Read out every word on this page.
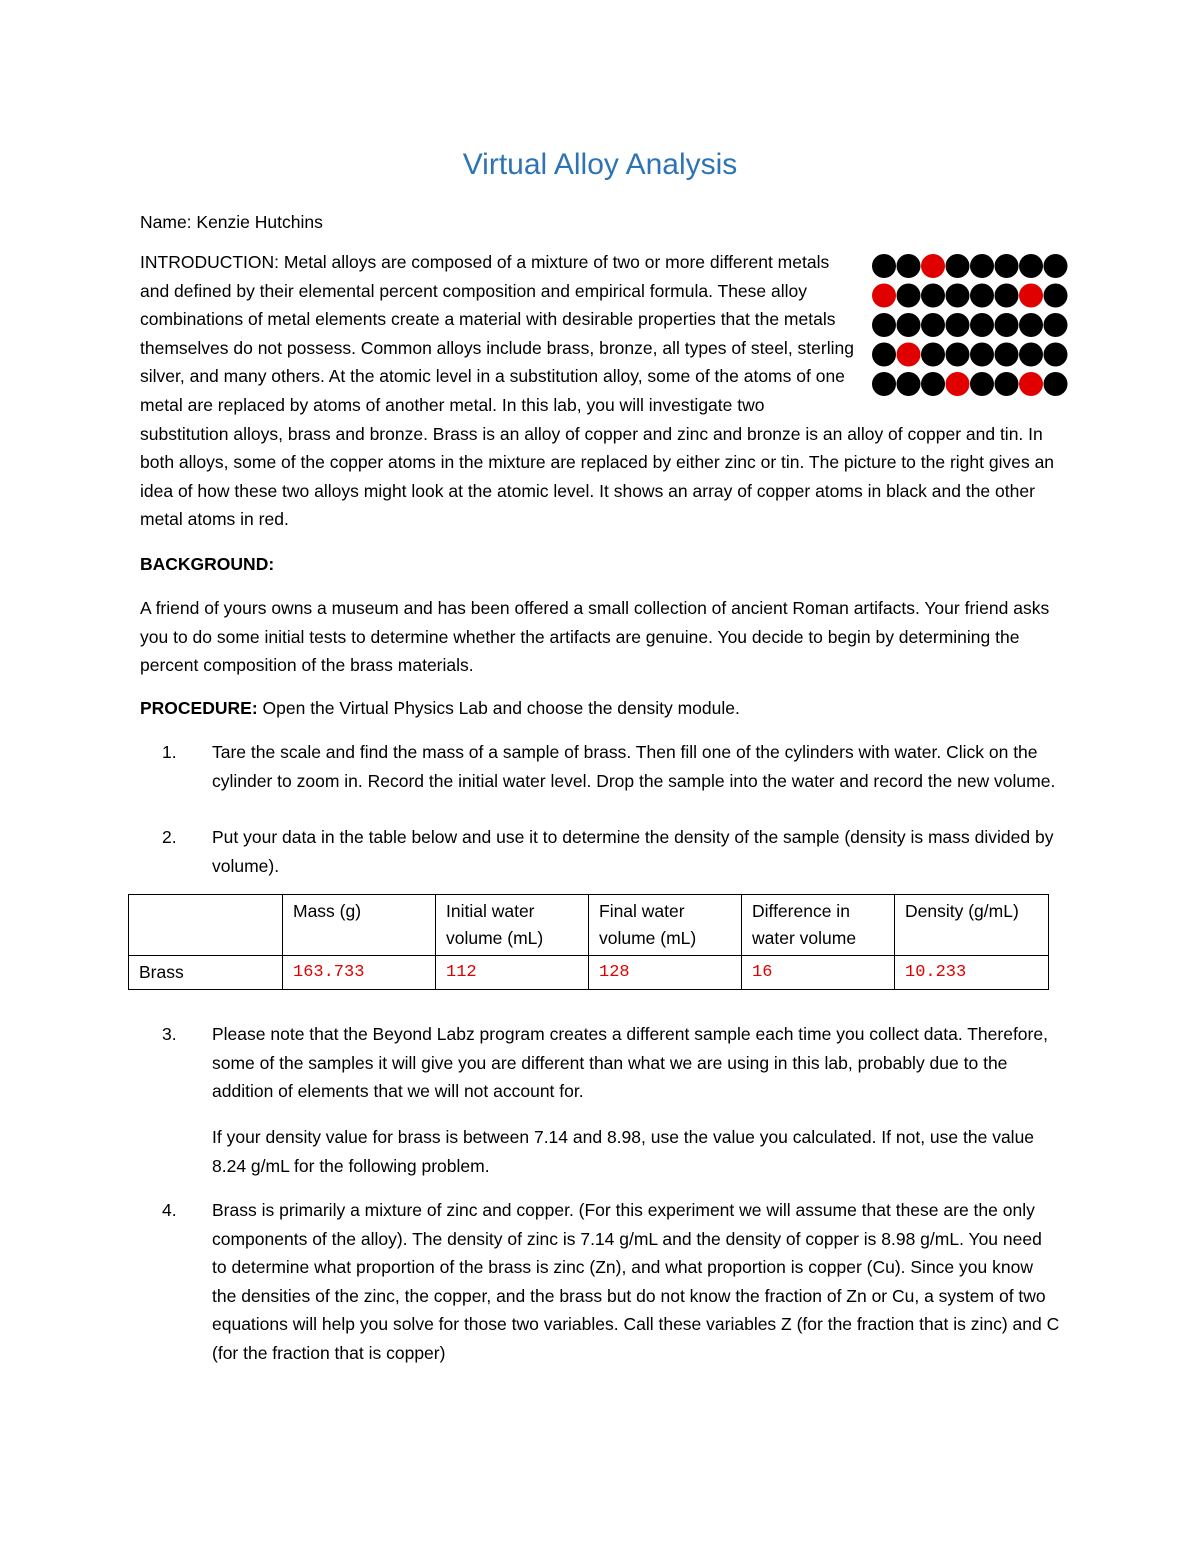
Virtual Alloy Analysis
Name: Kenzie Hutchins
INTRODUCTION: Metal alloys are composed of a mixture of two or more different metals and defined by their elemental percent composition and empirical formula. These alloy combinations of metal elements create a material with desirable properties that the metals themselves do not possess. Common alloys include brass, bronze, all types of steel, sterling silver, and many others. At the atomic level in a substitution alloy, some of the atoms of one metal are replaced by atoms of another metal. In this lab, you will investigate two substitution alloys, brass and bronze. Brass is an alloy of copper and zinc and bronze is an alloy of copper and tin. In both alloys, some of the copper atoms in the mixture are replaced by either zinc or tin. The picture to the right gives an idea of how these two alloys might look at the atomic level. It shows an array of copper atoms in black and the other metal atoms in red.
BACKGROUND:
A friend of yours owns a museum and has been offered a small collection of ancient Roman artifacts. Your friend asks you to do some initial tests to determine whether the artifacts are genuine. You decide to begin by determining the percent composition of the brass materials.
PROCEDURE: Open the Virtual Physics Lab and choose the density module.
1. Tare the scale and find the mass of a sample of brass. Then fill one of the cylinders with water. Click on the cylinder to zoom in. Record the initial water level. Drop the sample into the water and record the new volume.
2. Put your data in the table below and use it to determine the density of the sample (density is mass divided by volume).
	Mass (g)	Initial water volume (mL)	Final water volume (mL)	Difference in water volume	Density (g/mL)
Brass	163.733	112	128	16	10.233
3. Please note that the Beyond Labz program creates a different sample each time you collect data. Therefore, some of the samples it will give you are different than what we are using in this lab, probably due to the addition of elements that we will not account for.
If your density value for brass is between 7.14 and 8.98, use the value you calculated. If not, use the value 8.24 g/mL for the following problem.
4. Brass is primarily a mixture of zinc and copper. (For this experiment we will assume that these are the only components of the alloy). The density of zinc is 7.14 g/mL and the density of copper is 8.98 g/mL. You need to determine what proportion of the brass is zinc (Zn), and what proportion is copper (Cu). Since you know the densities of the zinc, the copper, and the brass but do not know the fraction of Zn or Cu, a system of two equations will help you solve for those two variables. Call these variables Z (for the fraction that is zinc) and C (for the fraction that is copper)
